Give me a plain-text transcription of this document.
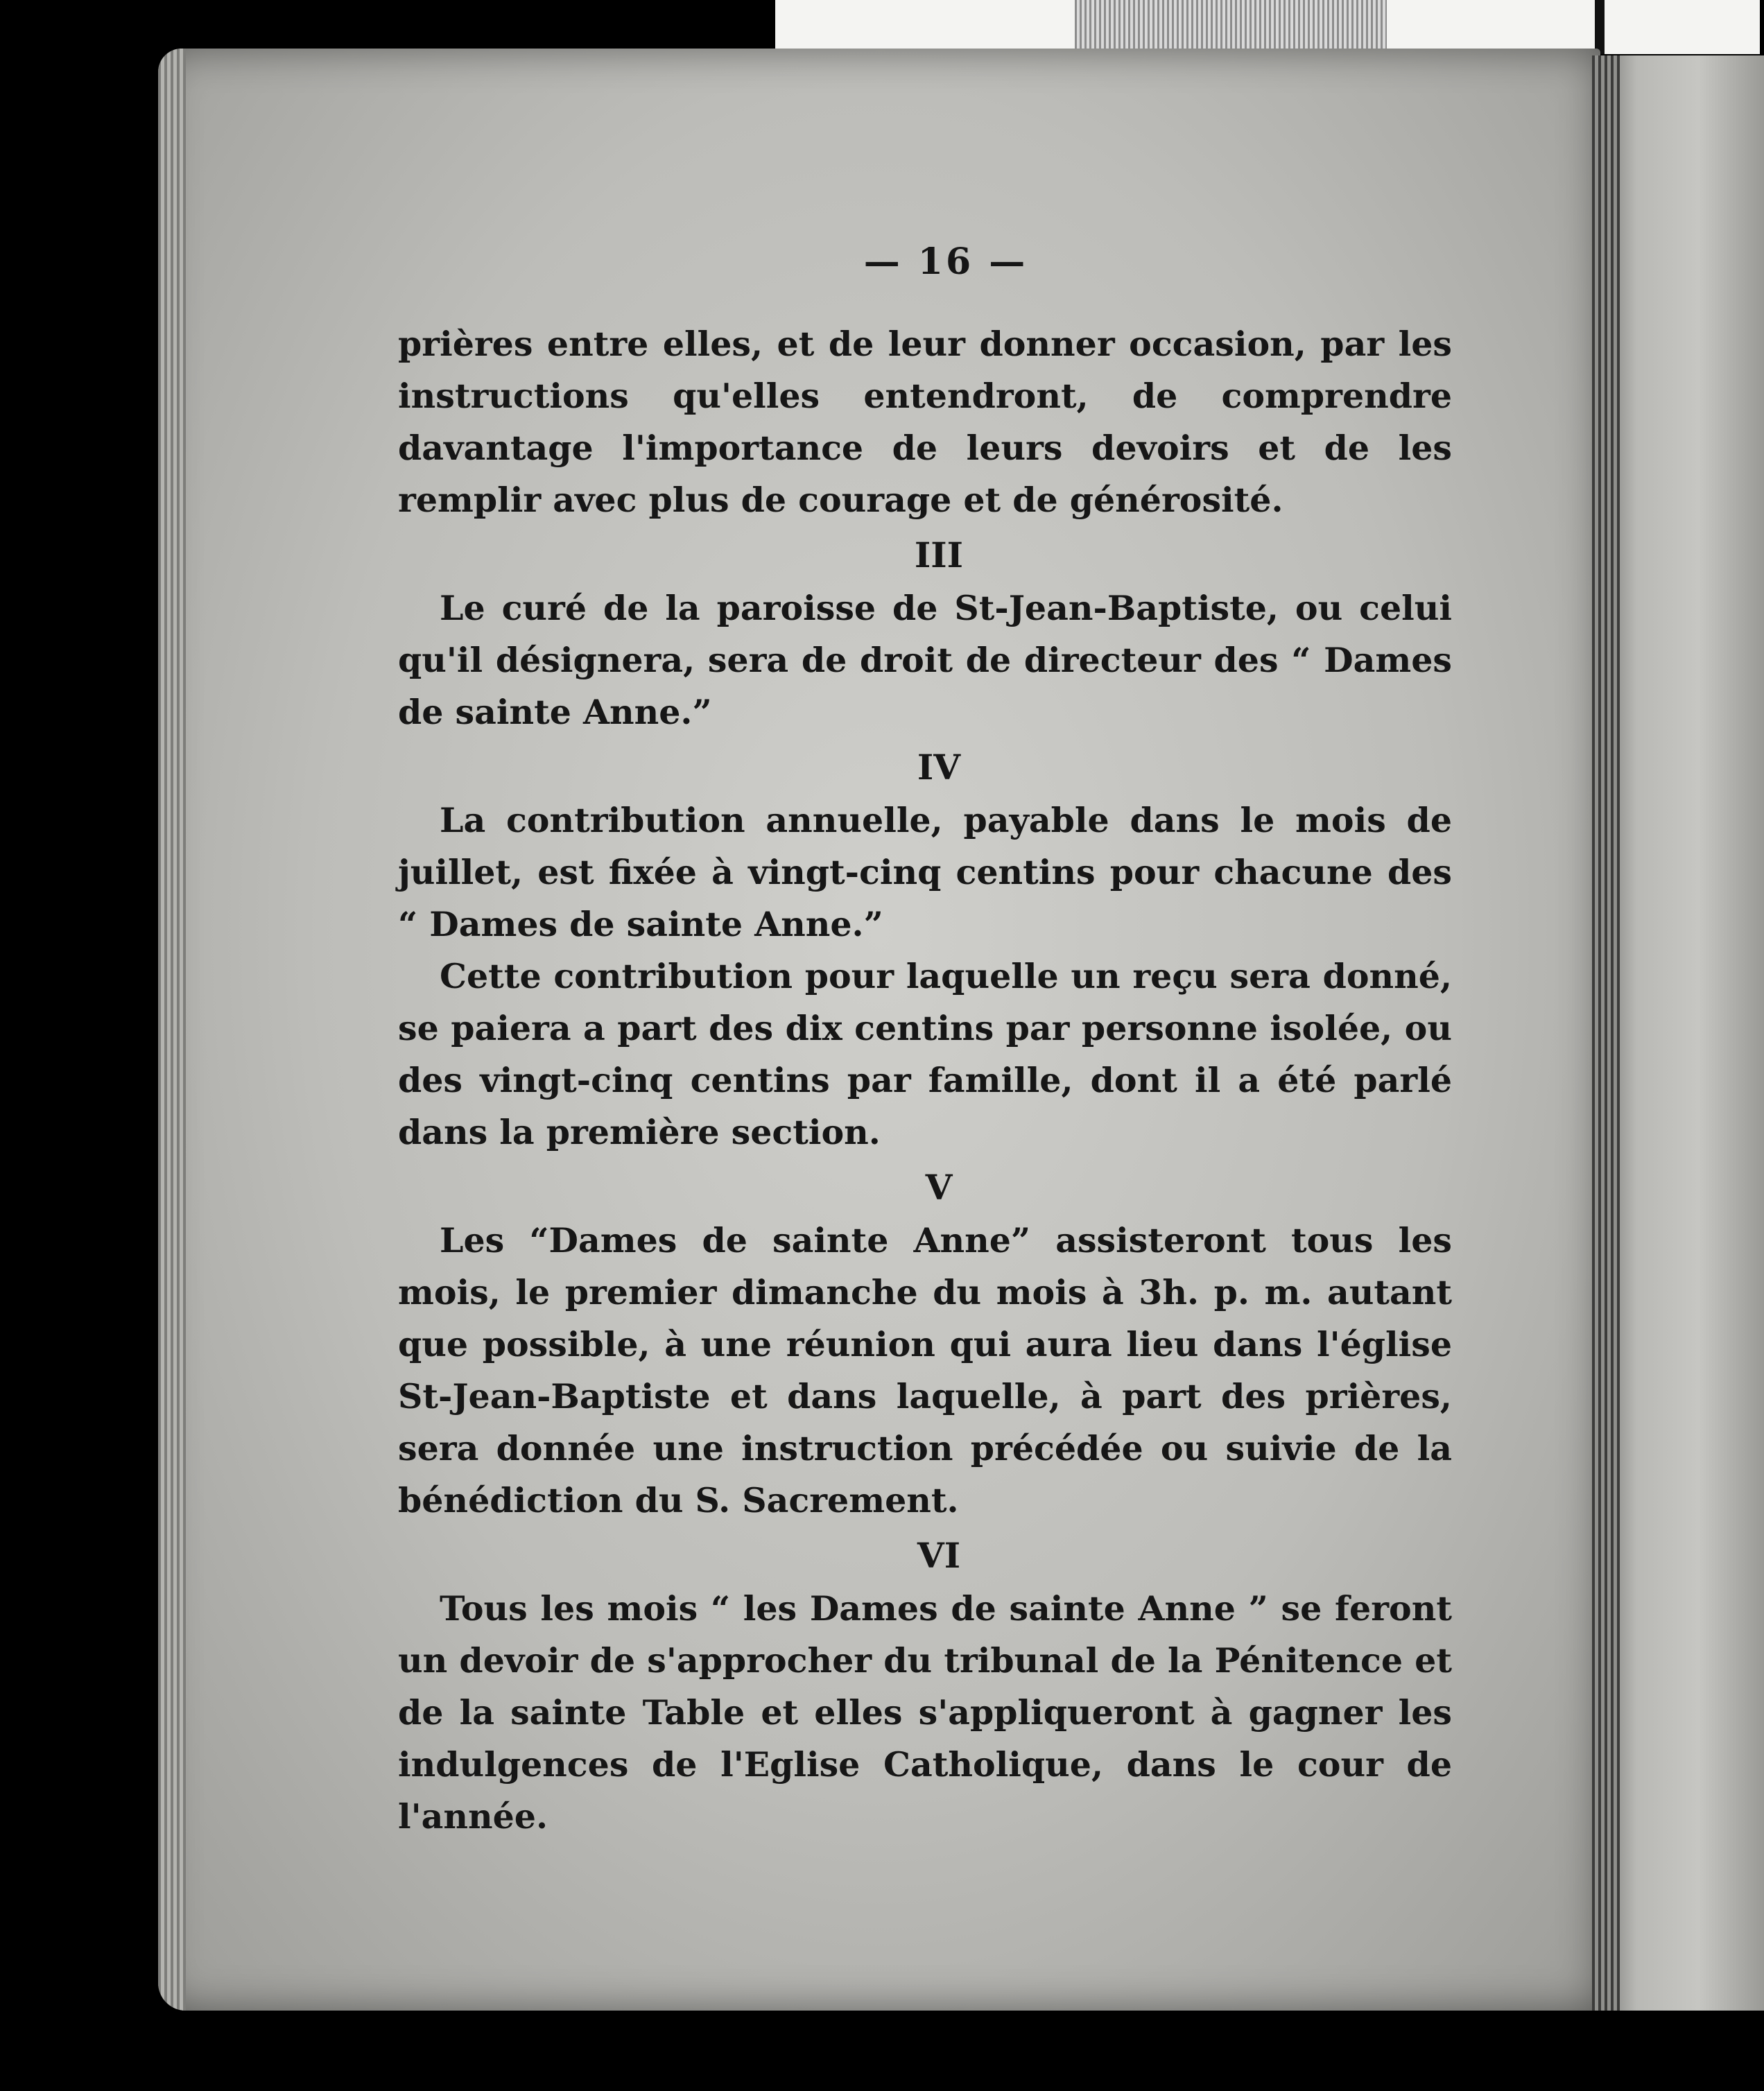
— 16 —

prières entre elles, et de leur donner occasion, par les instructions qu'elles entendront, de comprendre davantage l'importance de leurs devoirs et de les remplir avec plus de courage et de générosité.

III

Le curé de la paroisse de St-Jean-Baptiste, ou celui qu'il désignera, sera de droit de directeur des “ Dames de sainte Anne.”

IV

La contribution annuelle, payable dans le mois de juillet, est fixée à vingt-cinq centins pour chacune des “ Dames de sainte Anne.”

Cette contribution pour laquelle un reçu sera donné, se paiera a part des dix centins par personne isolée, ou des vingt-cinq centins par famille, dont il a été parlé dans la première section.

V

Les “Dames de sainte Anne” assisteront tous les mois, le premier dimanche du mois à 3h. p. m. autant que possible, à une réunion qui aura lieu dans l'église St-Jean-Baptiste et dans laquelle, à part des prières, sera donnée une instruction précédée ou suivie de la bénédiction du S. Sacrement.

VI

Tous les mois “ les Dames de sainte Anne ” se feront un devoir de s'approcher du tribunal de la Pénitence et de la sainte Table et elles s'appliqueront à gagner les indulgences de l'Eglise Catholique, dans le cour de l'année.
